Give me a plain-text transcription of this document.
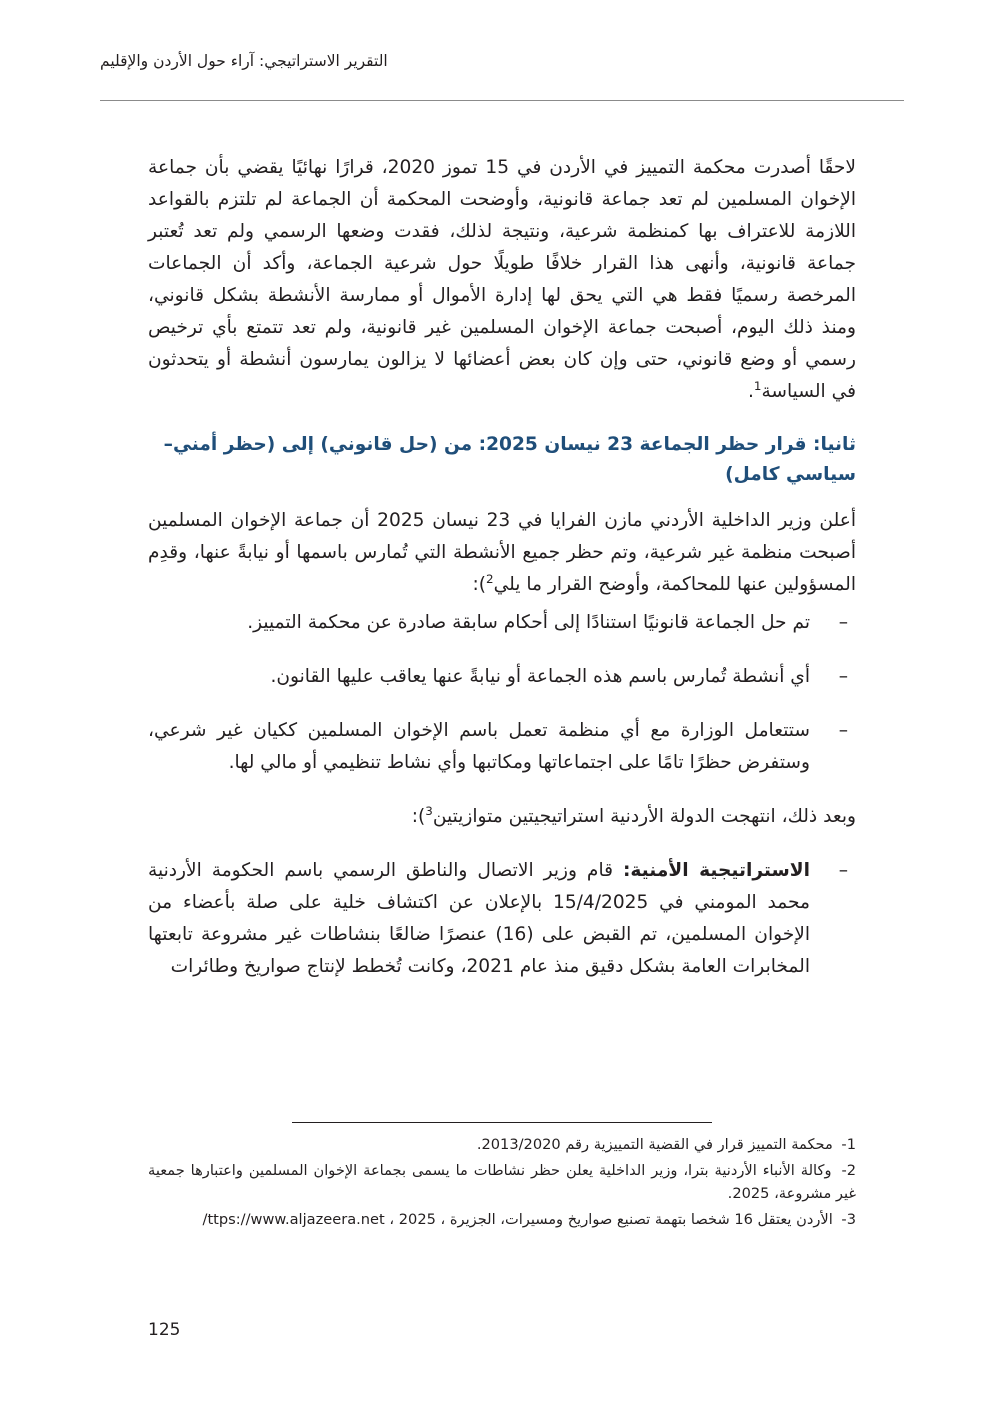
التقرير الاستراتيجي: آراء حول الأردن والإقليم

لاحقًا أصدرت محكمة التمييز في الأردن في 15 تموز 2020، قرارًا نهائيًا يقضي بأن جماعة الإخوان المسلمين لم تعد جماعة قانونية، وأوضحت المحكمة أن الجماعة لم تلتزم بالقواعد اللازمة للاعتراف بها كمنظمة شرعية، ونتيجة لذلك، فقدت وضعها الرسمي ولم تعد تُعتبر جماعة قانونية، وأنهى هذا القرار خلافًا طويلًا حول شرعية الجماعة، وأكد أن الجماعات المرخصة رسميًا فقط هي التي يحق لها إدارة الأموال أو ممارسة الأنشطة بشكل قانوني، ومنذ ذلك اليوم، أصبحت جماعة الإخوان المسلمين غير قانونية، ولم تعد تتمتع بأي ترخيص رسمي أو وضع قانوني، حتى وإن كان بعض أعضائها لا يزالون يمارسون أنشطة أو يتحدثون في السياسة$^1$.

ثانيا: قرار حظر الجماعة 23 نيسان 2025: من (حل قانوني) إلى (حظر أمني–سياسي كامل)

أعلن وزير الداخلية الأردني مازن الفرايا في 23 نيسان 2025 أن جماعة الإخوان المسلمين أصبحت منظمة غير شرعية، وتم حظر جميع الأنشطة التي تُمارس باسمها أو نيابةً عنها، وقدِم المسؤولين عنها للمحاكمة، وأوضح القرار ما يلي$^2$):

–
تم حل الجماعة قانونيًا استنادًا إلى أحكام سابقة صادرة عن محكمة التمييز.
–
أي أنشطة تُمارس باسم هذه الجماعة أو نيابةً عنها يعاقب عليها القانون.
–
ستتعامل الوزارة مع أي منظمة تعمل باسم الإخوان المسلمين ككيان غير شرعي، وستفرض حظرًا تامًا على اجتماعاتها ومكاتبها وأي نشاط تنظيمي أو مالي لها.

وبعد ذلك، انتهجت الدولة الأردنية استراتيجيتين متوازيتين$^3$):

–
الاستراتيجية الأمنية: قام وزير الاتصال والناطق الرسمي باسم الحكومة الأردنية محمد المومني في 15/4/2025 بالإعلان عن اكتشاف خلية على صلة بأعضاء من الإخوان المسلمين، تم القبض على (16) عنصرًا ضالعًا بنشاطات غير مشروعة تابعتها المخابرات العامة بشكل دقيق منذ عام 2021، وكانت تُخطط لإنتاج صواريخ وطائرات

1- محكمة التمييز قرار في القضية التمييزية رقم 2013/2020.

2- وكالة الأنباء الأردنية بترا، وزير الداخلية يعلن حظر نشاطات ما يسمى بجماعة الإخوان المسلمين واعتبارها جمعية غير مشروعة، 2025.

3- الأردن يعتقل 16 شخصا بتهمة تصنيع صواريخ ومسيرات، الجزيرة ، 2025 ، /ttps://www.aljazeera.net

125
